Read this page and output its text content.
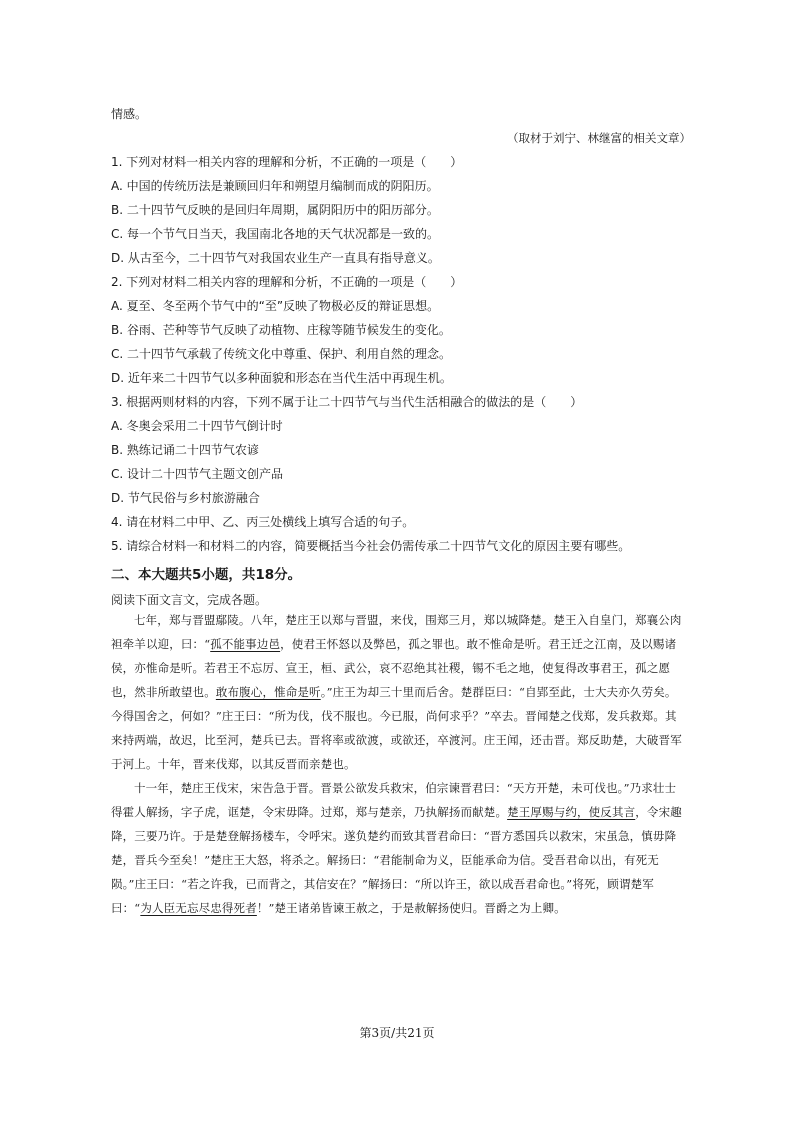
情感。
（取材于刘宁、林继富的相关文章）
1. 下列对材料一相关内容的理解和分析，不正确的一项是（　　）
A. 中国的传统历法是兼顾回归年和朔望月编制而成的阴阳历。
B. 二十四节气反映的是回归年周期，属阴阳历中的阳历部分。
C. 每一个节气日当天，我国南北各地的天气状况都是一致的。
D. 从古至今，二十四节气对我国农业生产一直具有指导意义。
2. 下列对材料二相关内容的理解和分析，不正确的一项是（　　）
A. 夏至、冬至两个节气中的“至”反映了物极必反的辩证思想。
B. 谷雨、芒种等节气反映了动植物、庄稼等随节候发生的变化。
C. 二十四节气承载了传统文化中尊重、保护、利用自然的理念。
D. 近年来二十四节气以多种面貌和形态在当代生活中再现生机。
3. 根据两则材料的内容，下列不属于让二十四节气与当代生活相融合的做法的是（　　）
A. 冬奥会采用二十四节气倒计时
B. 熟练记诵二十四节气农谚
C. 设计二十四节气主题文创产品
D. 节气民俗与乡村旅游融合
4. 请在材料二中甲、乙、丙三处横线上填写合适的句子。
5. 请综合材料一和材料二的内容，简要概括当今社会仍需传承二十四节气文化的原因主要有哪些。
二、本大题共5小题，共18分。
阅读下面文言文，完成各题。
七年，郑与晋盟鄢陵。八年，楚庄王以郑与晋盟，来伐，围郑三月，郑以城降楚。楚王入自皇门，郑襄公肉袒牵羊以迎，曰：“孤不能事边邑，使君王怀怒以及弊邑，孤之罪也。敢不惟命是听。君王迁之江南，及以赐诸侯，亦惟命是听。若君王不忘厉、宣王，桓、武公，哀不忍绝其社稷，锡不毛之地，使复得改事君王，孤之愿也，然非所敢望也。敢布腹心，惟命是听。”庄王为却三十里而后舍。楚群臣曰：“自郢至此，士大夫亦久劳矣。今得国舍之，何如？”庄王曰：“所为伐，伐不服也。今已服，尚何求乎？”卒去。晋闻楚之伐郑，发兵救郑。其来持两端，故迟，比至河，楚兵已去。晋将率或欲渡，或欲还，卒渡河。庄王闻，还击晋。郑反助楚，大破晋军于河上。十年，晋来伐郑，以其反晋而亲楚也。
十一年，楚庄王伐宋，宋告急于晋。晋景公欲发兵救宋，伯宗谏晋君曰：“天方开楚，未可伐也。”乃求壮士得霍人解扬，字子虎，诓楚，令宋毋降。过郑，郑与楚亲，乃执解扬而献楚。楚王厚赐与约，使反其言，令宋趣降，三要乃许。于是楚登解扬楼车，令呼宋。遂负楚约而致其晋君命曰：“晋方悉国兵以救宋，宋虽急，慎毋降楚，晋兵今至矣！”楚庄王大怒，将杀之。解扬曰：“君能制命为义，臣能承命为信。受吾君命以出，有死无陨。”庄王曰：“若之许我，已而背之，其信安在？”解扬曰：“所以许王，欲以成吾君命也。”将死，顾谓楚军曰：“为人臣无忘尽忠得死者！”楚王诸弟皆谏王赦之，于是赦解扬使归。晋爵之为上卿。
第3页/共21页
